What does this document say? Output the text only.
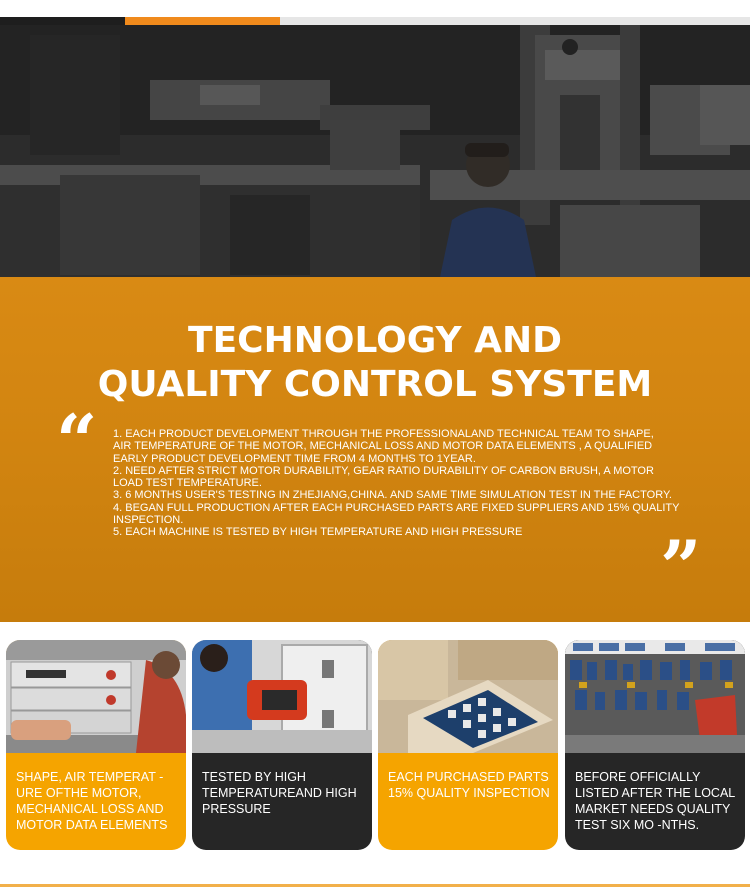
TECHNOLOGY AND
QUALITY CONTROL SYSTEM
“ 1. EACH PRODUCT DEVELOPMENT THROUGH THE PROFESSIONALAND TECHNICAL TEAM TO SHAPE,
AIR TEMPERATURE OF THE MOTOR, MECHANICAL LOSS AND MOTOR DATA ELEMENTS , A QUALIFIED
EARLY PRODUCT DEVELOPMENT TIME FROM 4 MONTHS TO 1YEAR.
2. NEED AFTER STRICT MOTOR DURABILITY, GEAR RATIO DURABILITY OF CARBON BRUSH, A MOTOR
LOAD TEST TEMPERATURE.
3. 6 MONTHS USER'S TESTING IN ZHEJIANG,CHINA. AND SAME TIME SIMULATION TEST IN THE FACTORY.
4. BEGAN FULL PRODUCTION AFTER EACH PURCHASED PARTS ARE FIXED SUPPLIERS AND 15% QUALITY
INSPECTION.
5. EACH MACHINE IS TESTED BY HIGH TEMPERATURE AND HIGH PRESSURE	”
SHAPE, AIR TEMPERAT -URE OFTHE MOTOR, MECHANICAL LOSS AND MOTOR DATA ELEMENTS
TESTED BY HIGH TEMPERATUREAND HIGH PRESSURE
EACH PURCHASED PARTS 15% QUALITY INSPECTION
BEFORE OFFICIALLY LISTED AFTER THE LOCAL MARKET NEEDS QUALITY TEST SIX MO -NTHS.
